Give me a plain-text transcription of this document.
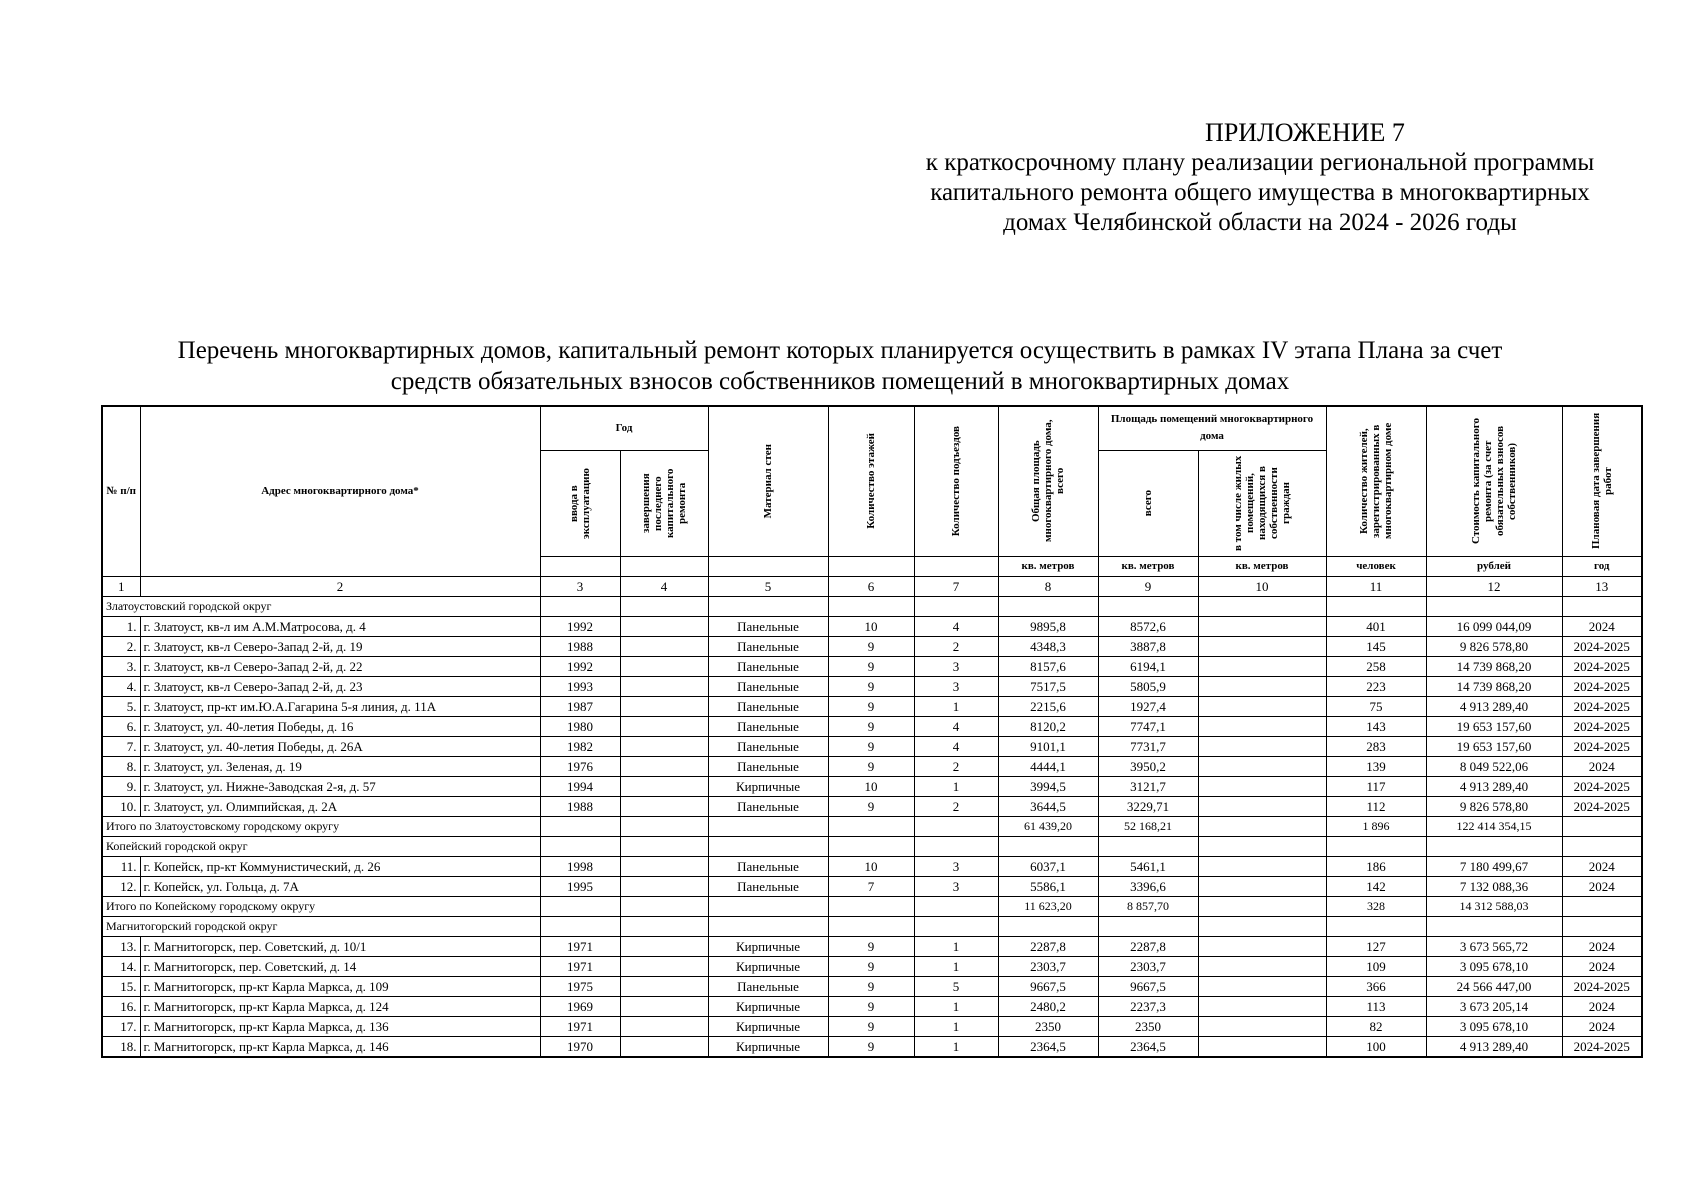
ПРИЛОЖЕНИЕ 7
к краткосрочному плану реализации региональной программы
капитального ремонта общего имущества в многоквартирных
домах Челябинской области на 2024 - 2026 годы
Перечень многоквартирных домов, капитальный ремонт которых планируется осуществить в рамках IV этапа Плана за счет
средств обязательных взносов собственников помещений в многоквартирных домах
№ п/п	Адрес многоквартирного дома*	Год		Материал стен	Количество этажей	Количество подъездов	Общая площадь многоквартирного дома, всего	Площадь помещений многоквартирного дома		Количество жителей, зарегистрированных в многоквартирном доме	Стоимость капитального ремонта (за счет обязательных взносов собственников)	Плановая дата завершения работ

		ввода в эксплуатацию	завершения последнего капитального ремонта					всего	в том числе жилых помещений, находящихся в собственности граждан			

							кв. метров	кв. метров	кв. метров	человек	рублей	год
1	2	3	4	5	6	7	8	9	10	11	12	13
Златоустовский городской округ												
1.	г. Златоуст, кв-л им А.М.Матросова, д. 4	1992		Панельные	10	4	9895,8	8572,6		401	16 099 044,09	2024
2.	г. Златоуст, кв-л Северо-Запад 2-й, д. 19	1988		Панельные	9	2	4348,3	3887,8		145	9 826 578,80	2024-2025
3.	г. Златоуст, кв-л Северо-Запад 2-й, д. 22	1992		Панельные	9	3	8157,6	6194,1		258	14 739 868,20	2024-2025
4.	г. Златоуст, кв-л Северо-Запад 2-й, д. 23	1993		Панельные	9	3	7517,5	5805,9		223	14 739 868,20	2024-2025
5.	г. Златоуст, пр-кт им.Ю.А.Гагарина 5-я линия, д. 11А	1987		Панельные	9	1	2215,6	1927,4		75	4 913 289,40	2024-2025
6.	г. Златоуст, ул. 40-летия Победы, д. 16	1980		Панельные	9	4	8120,2	7747,1		143	19 653 157,60	2024-2025
7.	г. Златоуст, ул. 40-летия Победы, д. 26А	1982		Панельные	9	4	9101,1	7731,7		283	19 653 157,60	2024-2025
8.	г. Златоуст, ул. Зеленая, д. 19	1976		Панельные	9	2	4444,1	3950,2		139	8 049 522,06	2024
9.	г. Златоуст, ул. Нижне-Заводская 2-я, д. 57	1994		Кирпичные	10	1	3994,5	3121,7		117	4 913 289,40	2024-2025
10.	г. Златоуст, ул. Олимпийская, д. 2А	1988		Панельные	9	2	3644,5	3229,71		112	9 826 578,80	2024-2025
Итого по Златоустовскому городскому округу							61 439,20	52 168,21		1 896	122 414 354,15	
Копейский городской округ												
11.	г. Копейск, пр-кт Коммунистический, д. 26	1998		Панельные	10	3	6037,1	5461,1		186	7 180 499,67	2024
12.	г. Копейск, ул. Гольца, д. 7А	1995		Панельные	7	3	5586,1	3396,6		142	7 132 088,36	2024
Итого по Копейскому городскому округу							11 623,20	8 857,70		328	14 312 588,03	
Магнитогорский городской округ												
13.	г. Магнитогорск, пер. Советский, д. 10/1	1971		Кирпичные	9	1	2287,8	2287,8		127	3 673 565,72	2024
14.	г. Магнитогорск, пер. Советский, д. 14	1971		Кирпичные	9	1	2303,7	2303,7		109	3 095 678,10	2024
15.	г. Магнитогорск, пр-кт Карла Маркса, д. 109	1975		Панельные	9	5	9667,5	9667,5		366	24 566 447,00	2024-2025
16.	г. Магнитогорск, пр-кт Карла Маркса, д. 124	1969		Кирпичные	9	1	2480,2	2237,3		113	3 673 205,14	2024
17.	г. Магнитогорск, пр-кт Карла Маркса, д. 136	1971		Кирпичные	9	1	2350	2350		82	3 095 678,10	2024
18.	г. Магнитогорск, пр-кт Карла Маркса, д. 146	1970		Кирпичные	9	1	2364,5	2364,5		100	4 913 289,40	2024-2025
